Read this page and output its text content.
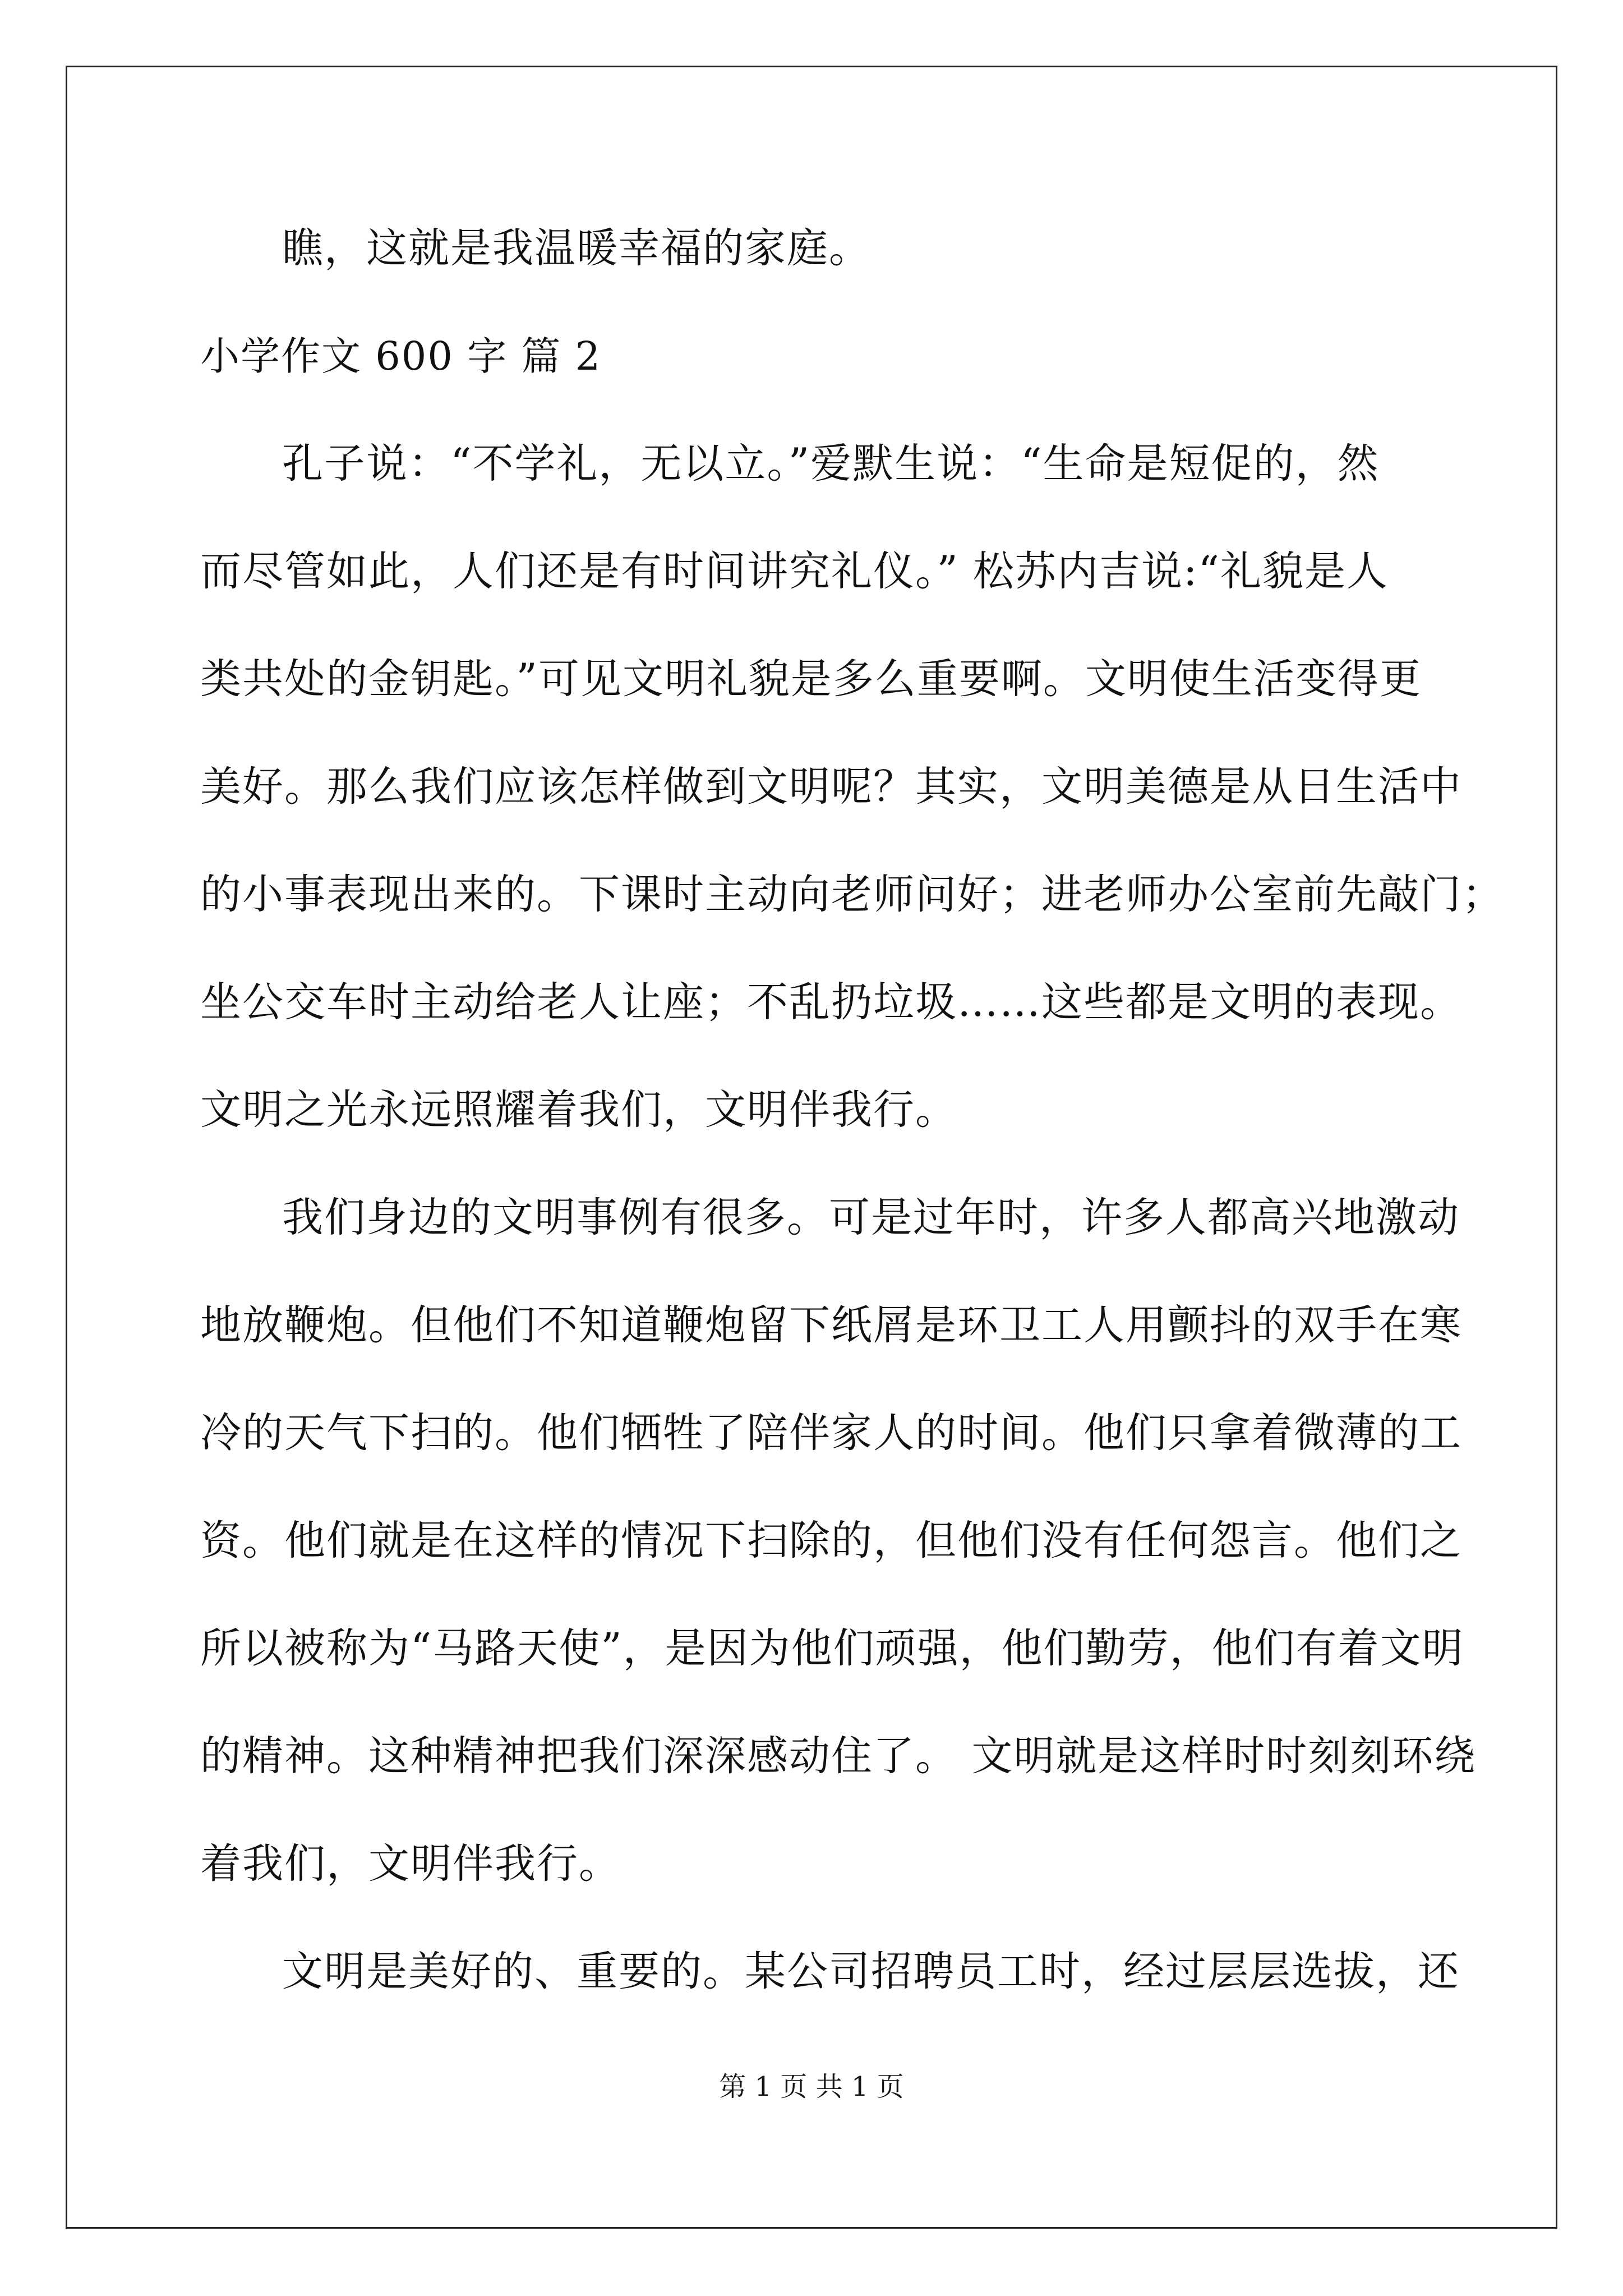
瞧，这就是我温暖幸福的家庭。
小学作文 600 字 篇 2
孔子说：“不学礼，无以立。”爱默生说：“生命是短促的，然
而尽管如此，人们还是有时间讲究礼仪。” 松苏内吉说:“礼貌是人
类共处的金钥匙。”可见文明礼貌是多么重要啊。文明使生活变得更
美好。那么我们应该怎样做到文明呢？其实，文明美德是从日生活中
的小事表现出来的。下课时主动向老师问好；进老师办公室前先敲门；
坐公交车时主动给老人让座；不乱扔垃圾……这些都是文明的表现。
文明之光永远照耀着我们，文明伴我行。
我们身边的文明事例有很多。可是过年时，许多人都高兴地激动
地放鞭炮。但他们不知道鞭炮留下纸屑是环卫工人用颤抖的双手在寒
冷的天气下扫的。他们牺牲了陪伴家人的时间。他们只拿着微薄的工
资。他们就是在这样的情况下扫除的，但他们没有任何怨言。他们之
所以被称为“马路天使”，是因为他们顽强，他们勤劳，他们有着文明
的精神。这种精神把我们深深感动住了。 文明就是这样时时刻刻环绕
着我们，文明伴我行。
文明是美好的、重要的。某公司招聘员工时，经过层层选拔，还
第 1 页 共 1 页
